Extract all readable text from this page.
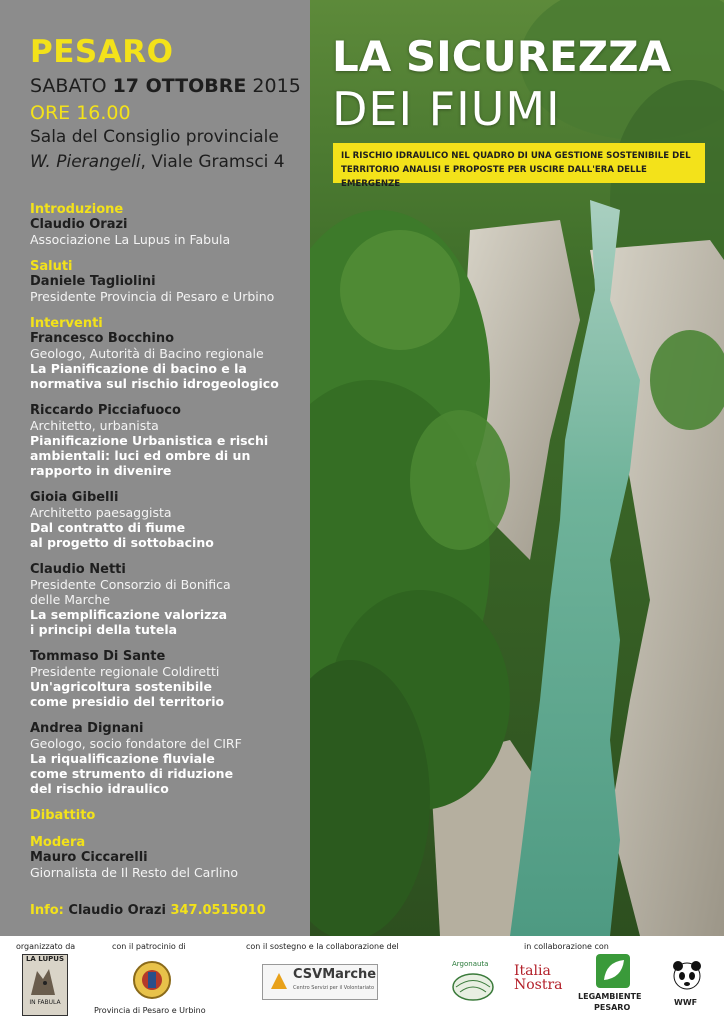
PESARO
SABATO 17 OTTOBRE 2015
ORE 16.00
Sala del Consiglio provinciale
W. Pierangeli, Viale Gramsci 4
Introduzione
Claudio Orazi
Associazione La Lupus in Fabula
Saluti
Daniele Tagliolini
Presidente Provincia di Pesaro e Urbino
Interventi
Francesco Bocchino
Geologo, Autorità di Bacino regionale
La Pianificazione di bacino e la
normativa sul rischio idrogeologico
Riccardo Picciafuoco
Architetto, urbanista
Pianificazione Urbanistica e rischi
ambientali: luci ed ombre di un
rapporto in divenire
Gioia Gibelli
Architetto paesaggista
Dal contratto di fiume
al progetto di sottobacino
Claudio Netti
Presidente Consorzio di Bonifica
delle Marche
La semplificazione valorizza
i principi della tutela
Tommaso Di Sante
Presidente regionale Coldiretti
Un'agricoltura sostenibile
come presidio del territorio
Andrea Dignani
Geologo, socio fondatore del CIRF
La riqualificazione fluviale
come strumento di riduzione
del rischio idraulico
Dibattito
Modera
Mauro Ciccarelli
Giornalista de Il Resto del Carlino
Info: Claudio Orazi 347.0515010
LA SICUREZZA
DEI FIUMI
IL RISCHIO IDRAULICO NEL QUADRO DI UNA GESTIONE SOSTENIBILE DEL TERRITORIO ANALISI E PROPOSTE PER USCIRE DALL'ERA DELLE EMERGENZE
organizzato da	con il patrocinio di	con il sostegno e la collaborazione del	in collaborazione con
LA LUPUS
IN FABULA
Provincia di Pesaro e Urbino
CSVMarche
Centro Servizi per il Volontariato
Argonauta Italia
Nostra
LEGAMBIENTE
PESARO
WWF
